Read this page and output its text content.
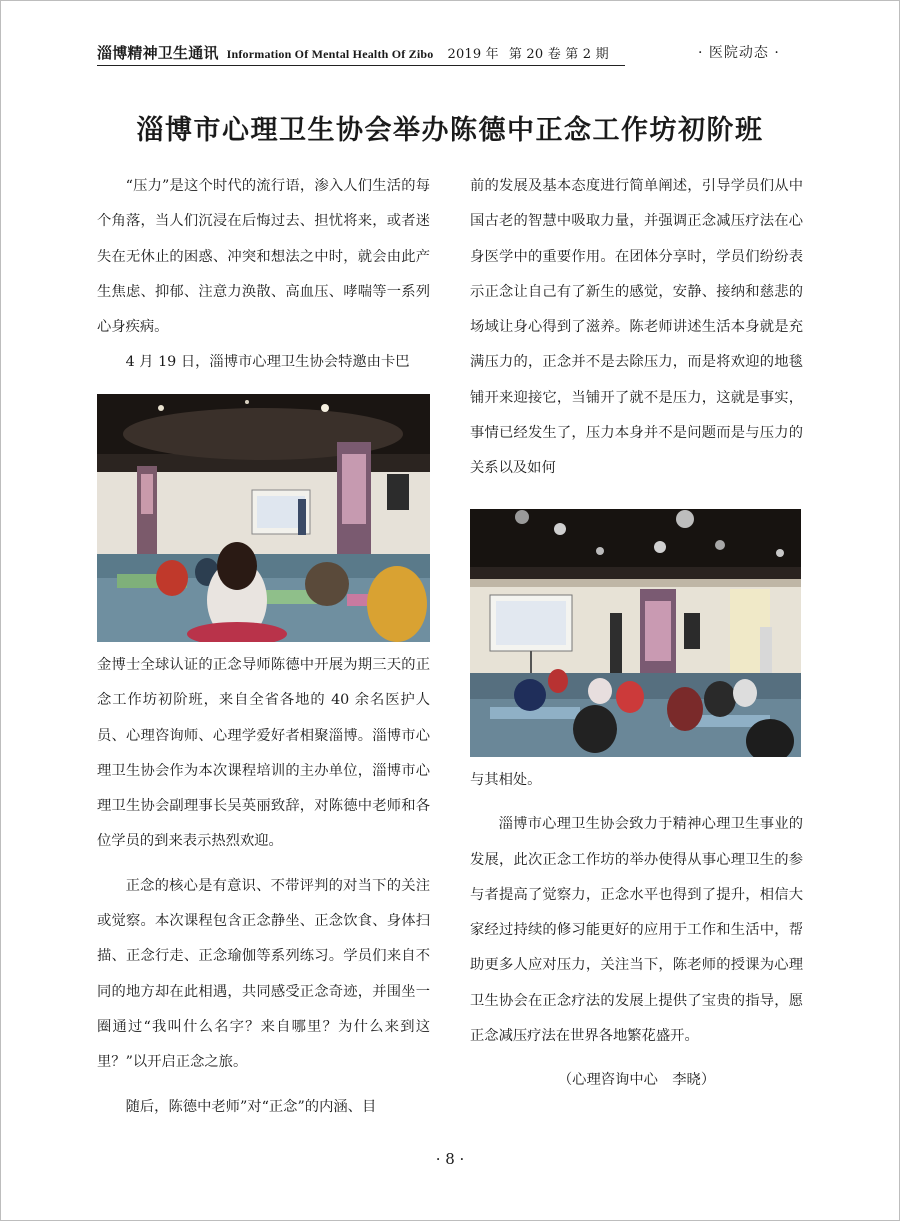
淄博精神卫生通讯 Information Of Mental Health Of Zibo 2019 年 第 20 卷 第 2 期	· 医院动态 ·
淄博市心理卫生协会举办陈德中正念工作坊初阶班

“压力”是这个时代的流行语，渗入人们生活的每个角落，当人们沉浸在后悔过去、担忧将来，或者迷失在无休止的困惑、冲突和想法之中时，就会由此产生焦虑、抑郁、注意力涣散、高血压、哮喘等一系列心身疾病。

4 月 19 日，淄博市心理卫生协会特邀由卡巴

金博士全球认证的正念导师陈德中开展为期三天的正念工作坊初阶班，来自全省各地的 40 余名医护人员、心理咨询师、心理学爱好者相聚淄博。淄博市心理卫生协会作为本次课程培训的主办单位，淄博市心理卫生协会副理事长吴英丽致辞，对陈德中老师和各位学员的到来表示热烈欢迎。

正念的核心是有意识、不带评判的对当下的关注或觉察。本次课程包含正念静坐、正念饮食、身体扫描、正念行走、正念瑜伽等系列练习。学员们来自不同的地方却在此相遇，共同感受正念奇迹，并围坐一圈通过“我叫什么名字？来自哪里？为什么来到这里？”以开启正念之旅。

随后，陈德中老师”对“正念”的内涵、目

前的发展及基本态度进行简单阐述，引导学员们从中国古老的智慧中吸取力量，并强调正念减压疗法在心身医学中的重要作用。在团体分享时，学员们纷纷表示正念让自己有了新生的感觉，安静、接纳和慈悲的场域让身心得到了滋养。陈老师讲述生活本身就是充满压力的，正念并不是去除压力，而是将欢迎的地毯铺开来迎接它，当铺开了就不是压力，这就是事实，事情已经发生了，压力本身并不是问题而是与压力的关系以及如何

与其相处。

淄博市心理卫生协会致力于精神心理卫生事业的发展，此次正念工作坊的举办使得从事心理卫生的参与者提高了觉察力，正念水平也得到了提升，相信大家经过持续的修习能更好的应用于工作和生活中，帮助更多人应对压力，关注当下，陈老师的授课为心理卫生协会在正念疗法的发展上提供了宝贵的指导，愿正念减压疗法在世界各地繁花盛开。

（心理咨询中心　李晓）

· 8 ·
